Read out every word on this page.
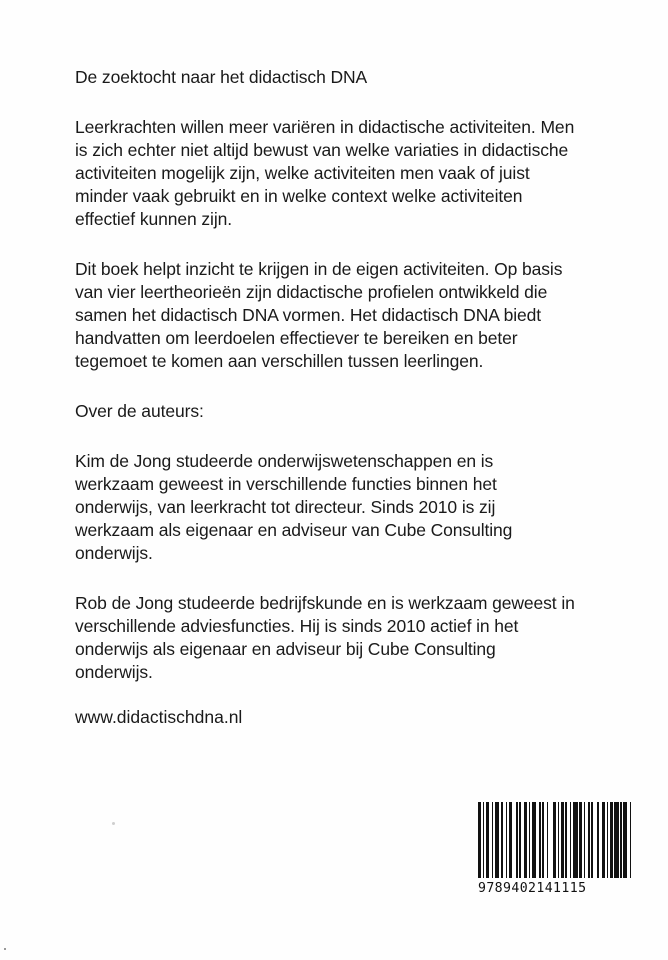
De zoektocht naar het didactisch DNA

Leerkrachten willen meer variëren in didactische activiteiten. Men
is zich echter niet altijd bewust van welke variaties in didactische
activiteiten mogelijk zijn, welke activiteiten men vaak of juist
minder vaak gebruikt en in welke context welke activiteiten
effectief kunnen zijn.

Dit boek helpt inzicht te krijgen in de eigen activiteiten. Op basis
van vier leertheorieën zijn didactische profielen ontwikkeld die
samen het didactisch DNA vormen. Het didactisch DNA biedt
handvatten om leerdoelen effectiever te bereiken en beter
tegemoet te komen aan verschillen tussen leerlingen.

Over de auteurs:

Kim de Jong studeerde onderwijswetenschappen en is
werkzaam geweest in verschillende functies binnen het
onderwijs, van leerkracht tot directeur. Sinds 2010 is zij
werkzaam als eigenaar en adviseur van Cube Consulting
onderwijs.

Rob de Jong studeerde bedrijfskunde en is werkzaam geweest in
verschillende adviesfuncties. Hij is sinds 2010 actief in het
onderwijs als eigenaar en adviseur bij Cube Consulting
onderwijs.

www.didactischdna.nl
9789402141115
